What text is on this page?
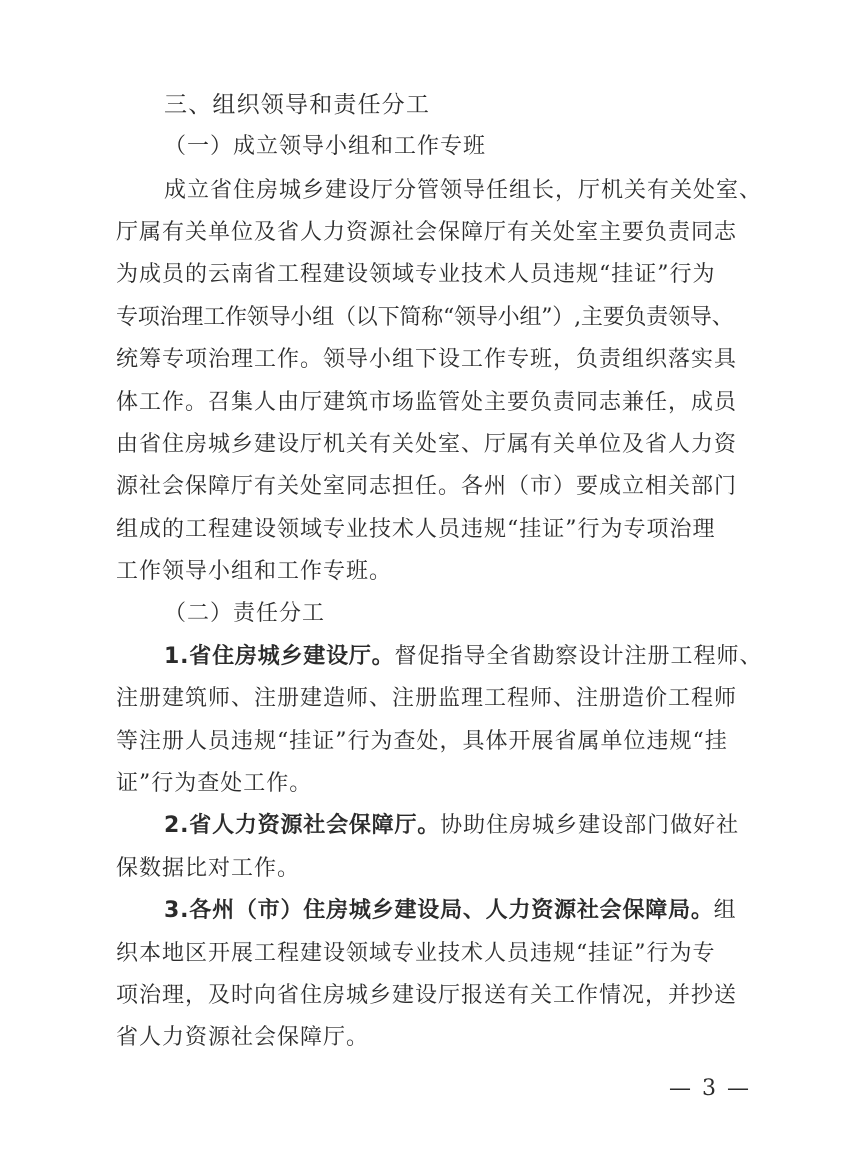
三、组织领导和责任分工
（一）成立领导小组和工作专班
成立省住房城乡建设厅分管领导任组长，厅机关有关处室、
厅属有关单位及省人力资源社会保障厅有关处室主要负责同志
为成员的云南省工程建设领域专业技术人员违规“挂证”行为
专项治理工作领导小组（以下简称“领导小组”）,主要负责领导、
统筹专项治理工作。领导小组下设工作专班，负责组织落实具
体工作。召集人由厅建筑市场监管处主要负责同志兼任，成员
由省住房城乡建设厅机关有关处室、厅属有关单位及省人力资
源社会保障厅有关处室同志担任。各州（市）要成立相关部门
组成的工程建设领域专业技术人员违规“挂证”行为专项治理
工作领导小组和工作专班。
（二）责任分工
1.省住房城乡建设厅。督促指导全省勘察设计注册工程师、
注册建筑师、注册建造师、注册监理工程师、注册造价工程师
等注册人员违规“挂证”行为查处，具体开展省属单位违规“挂
证”行为查处工作。
2.省人力资源社会保障厅。协助住房城乡建设部门做好社
保数据比对工作。
3.各州（市）住房城乡建设局、人力资源社会保障局。组
织本地区开展工程建设领域专业技术人员违规“挂证”行为专
项治理，及时向省住房城乡建设厅报送有关工作情况，并抄送
省人力资源社会保障厅。
— 3 —
